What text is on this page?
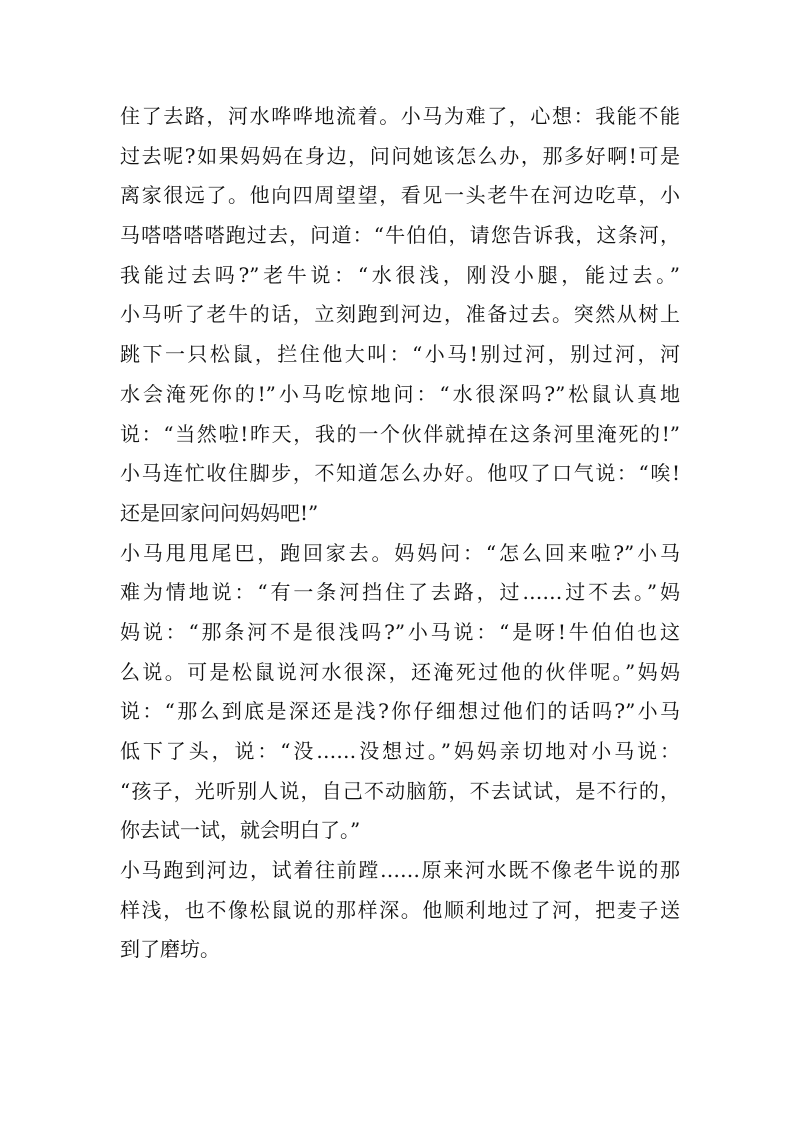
住了去路，河水哗哗地流着。小马为难了，心想：我能不能
过去呢?如果妈妈在身边，问问她该怎么办，那多好啊!可是
离家很远了。他向四周望望，看见一头老牛在河边吃草，小
马嗒嗒嗒嗒跑过去，问道：“牛伯伯，请您告诉我，这条河，
我能过去吗?”老牛说：“水很浅，刚没小腿，能过去。”
小马听了老牛的话，立刻跑到河边，准备过去。突然从树上
跳下一只松鼠，拦住他大叫：“小马!别过河，别过河，河
水会淹死你的!”小马吃惊地问：“水很深吗?”松鼠认真地
说：“当然啦!昨天，我的一个伙伴就掉在这条河里淹死的!”
小马连忙收住脚步，不知道怎么办好。他叹了口气说：“唉!
还是回家问问妈妈吧!”
小马甩甩尾巴，跑回家去。妈妈问：“怎么回来啦?”小马
难为情地说：“有一条河挡住了去路，过……过不去。”妈
妈说：“那条河不是很浅吗?”小马说：“是呀!牛伯伯也这
么说。可是松鼠说河水很深，还淹死过他的伙伴呢。”妈妈
说：“那么到底是深还是浅?你仔细想过他们的话吗?”小马
低下了头，说：“没……没想过。”妈妈亲切地对小马说：
“孩子，光听别人说，自己不动脑筋，不去试试，是不行的，
你去试一试，就会明白了。”
小马跑到河边，试着往前蹚……原来河水既不像老牛说的那
样浅，也不像松鼠说的那样深。他顺利地过了河，把麦子送
到了磨坊。
